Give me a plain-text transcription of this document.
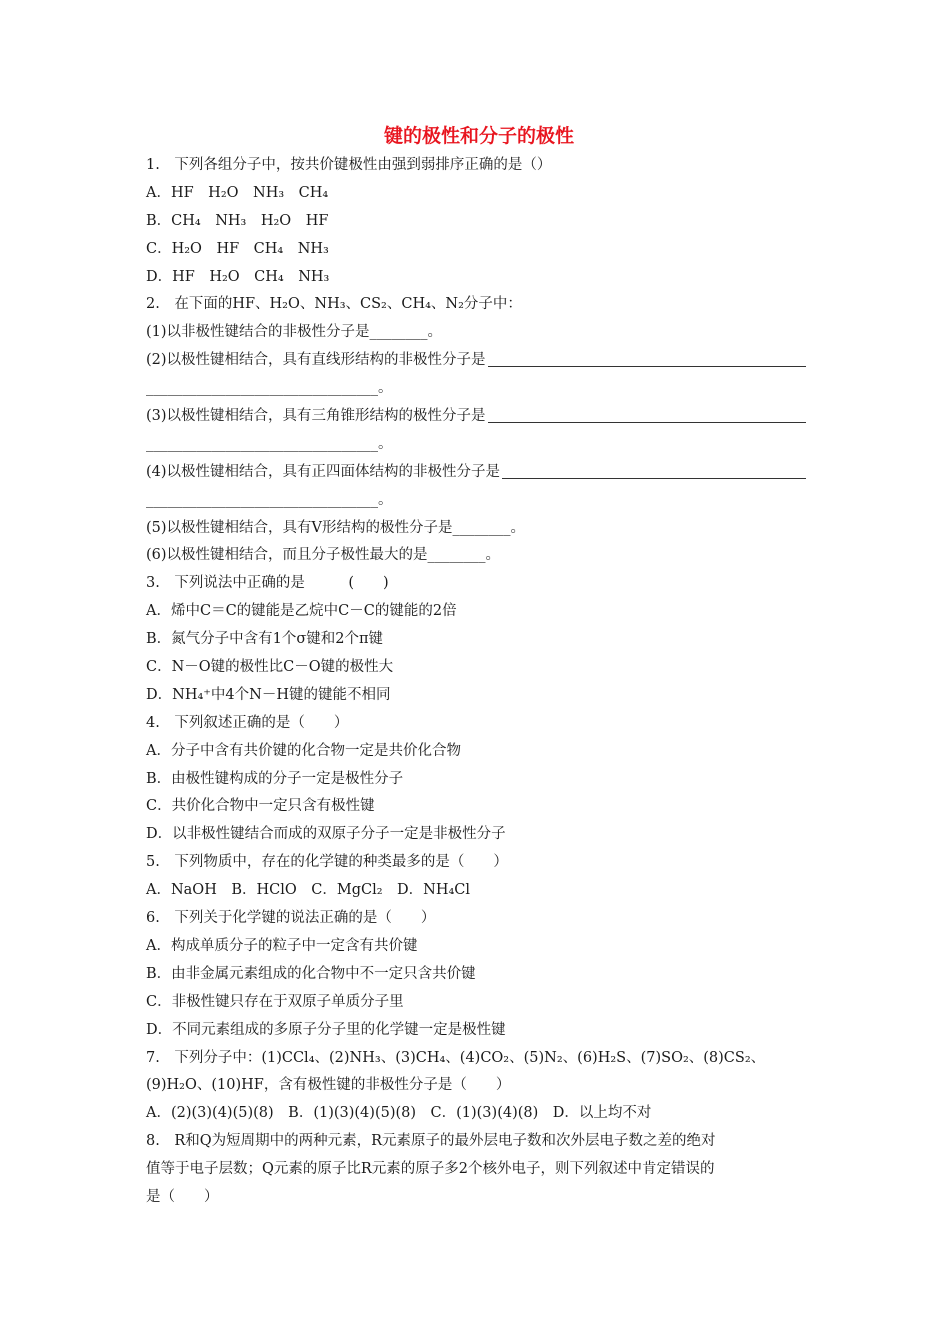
键的极性和分子的极性
1.　下列各组分子中，按共价键极性由强到弱排序正确的是（）
A．HF　H₂O　NH₃　CH₄
B．CH₄　NH₃　H₂O　HF
C．H₂O　HF　CH₄　NH₃
D．HF　H₂O　CH₄　NH₃
2.　在下面的HF、H₂O、NH₃、CS₂、CH₄、N₂分子中：
(1)以非极性键结合的非极性分子是________。
(2)以极性键相结合，具有直线形结构的非极性分子是
________________________________。
(3)以极性键相结合，具有三角锥形结构的极性分子是
________________________________。
(4)以极性键相结合，具有正四面体结构的非极性分子是
________________________________。
(5)以极性键相结合，具有V形结构的极性分子是________。
(6)以极性键相结合，而且分子极性最大的是________。
3.　下列说法中正确的是　　　(　　)
A．烯中C＝C的键能是乙烷中C－C的键能的2倍
B．氮气分子中含有1个σ键和2个π键
C．N－O键的极性比C－O键的极性大
D．NH₄⁺中4个N－H键的键能不相同
4.　下列叙述正确的是（　　）
A．分子中含有共价键的化合物一定是共价化合物
B．由极性键构成的分子一定是极性分子
C．共价化合物中一定只含有极性键
D．以非极性键结合而成的双原子分子一定是非极性分子
5.　下列物质中，存在的化学键的种类最多的是（　　）
A．NaOH　B．HClO　C．MgCl₂　D．NH₄Cl
6.　下列关于化学键的说法正确的是（　　）
A．构成单质分子的粒子中一定含有共价键
B．由非金属元素组成的化合物中不一定只含共价键
C．非极性键只存在于双原子单质分子里
D．不同元素组成的多原子分子里的化学键一定是极性键
7.　下列分子中：(1)CCl₄、(2)NH₃、(3)CH₄、(4)CO₂、(5)N₂、(6)H₂S、(7)SO₂、(8)CS₂、
(9)H₂O、(10)HF，含有极性键的非极性分子是（　　）
A．(2)(3)(4)(5)(8)　B．(1)(3)(4)(5)(8)　C．(1)(3)(4)(8)　D．以上均不对
8.　R和Q为短周期中的两种元素，R元素原子的最外层电子数和次外层电子数之差的绝对
值等于电子层数；Q元素的原子比R元素的原子多2个核外电子，则下列叙述中肯定错误的
是（　　）
